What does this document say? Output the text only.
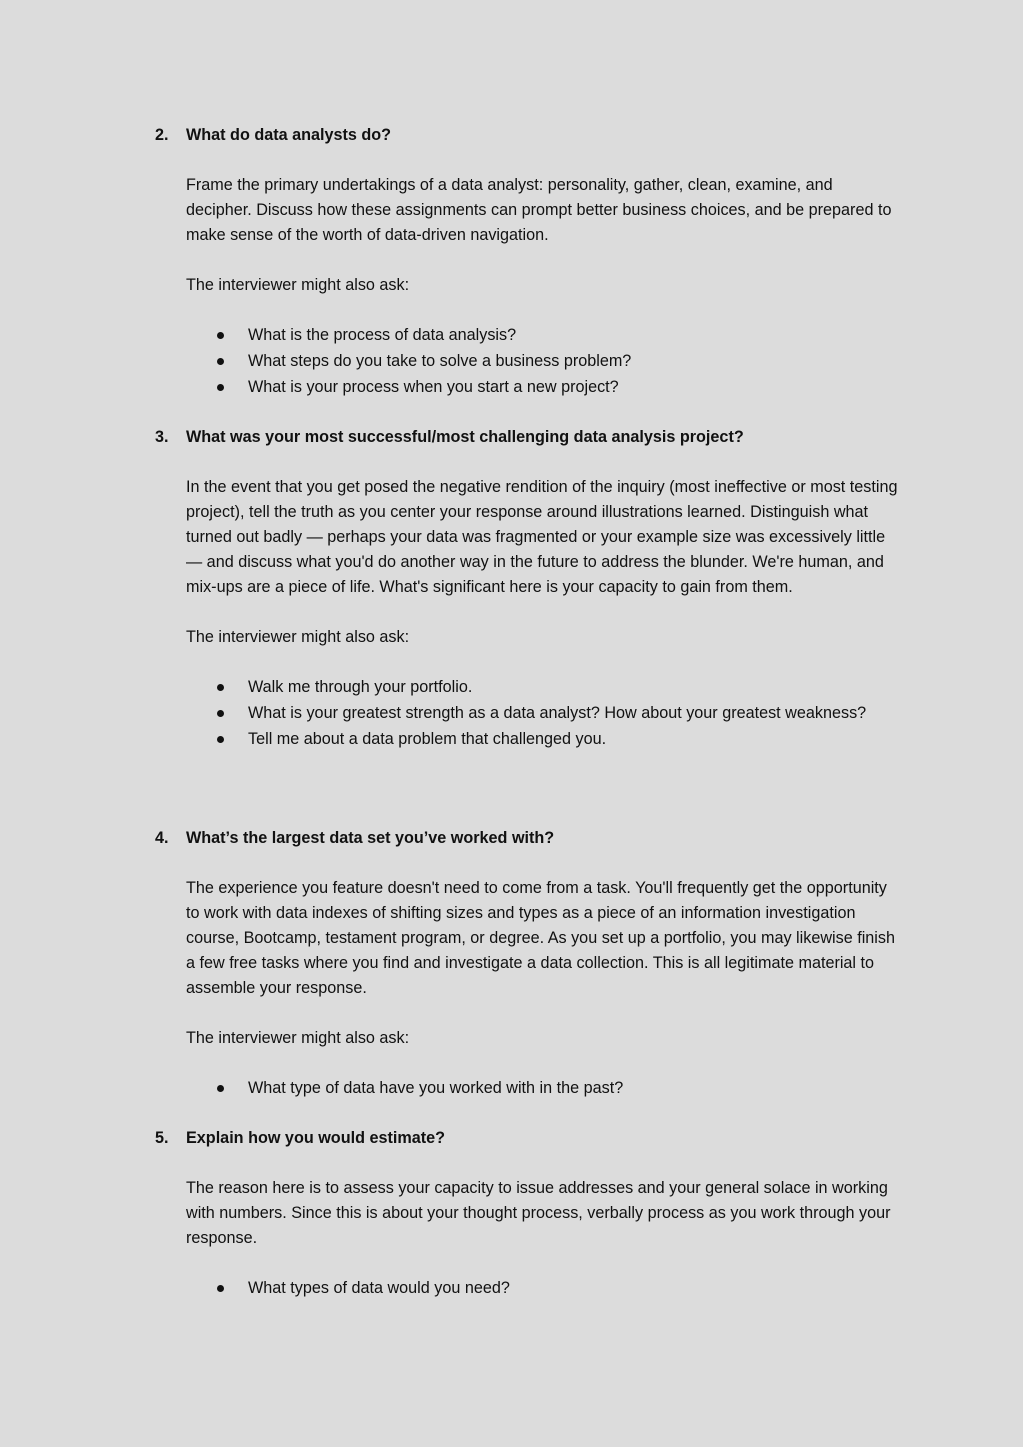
2.	What do data analysts do?

Frame the primary undertakings of a data analyst: personality, gather, clean, examine, and decipher. Discuss how these assignments can prompt better business choices, and be prepared to make sense of the worth of data-driven navigation.

The interviewer might also ask:

What is the process of data analysis?
What steps do you take to solve a business problem?
What is your process when you start a new project?
3.	What was your most successful/most challenging data analysis project?

In the event that you get posed the negative rendition of the inquiry (most ineffective or most testing project), tell the truth as you center your response around illustrations learned. Distinguish what turned out badly — perhaps your data was fragmented or your example size was excessively little — and discuss what you'd do another way in the future to address the blunder. We're human, and mix-ups are a piece of life. What's significant here is your capacity to gain from them.

The interviewer might also ask:

Walk me through your portfolio.
What is your greatest strength as a data analyst? How about your greatest weakness?
Tell me about a data problem that challenged you.
4.	What’s the largest data set you’ve worked with?

The experience you feature doesn't need to come from a task. You'll frequently get the opportunity to work with data indexes of shifting sizes and types as a piece of an information investigation course, Bootcamp, testament program, or degree. As you set up a portfolio, you may likewise finish a few free tasks where you find and investigate a data collection. This is all legitimate material to assemble your response.

The interviewer might also ask:

What type of data have you worked with in the past?
5.	Explain how you would estimate?

The reason here is to assess your capacity to issue addresses and your general solace in working with numbers. Since this is about your thought process, verbally process as you work through your response.

What types of data would you need?
